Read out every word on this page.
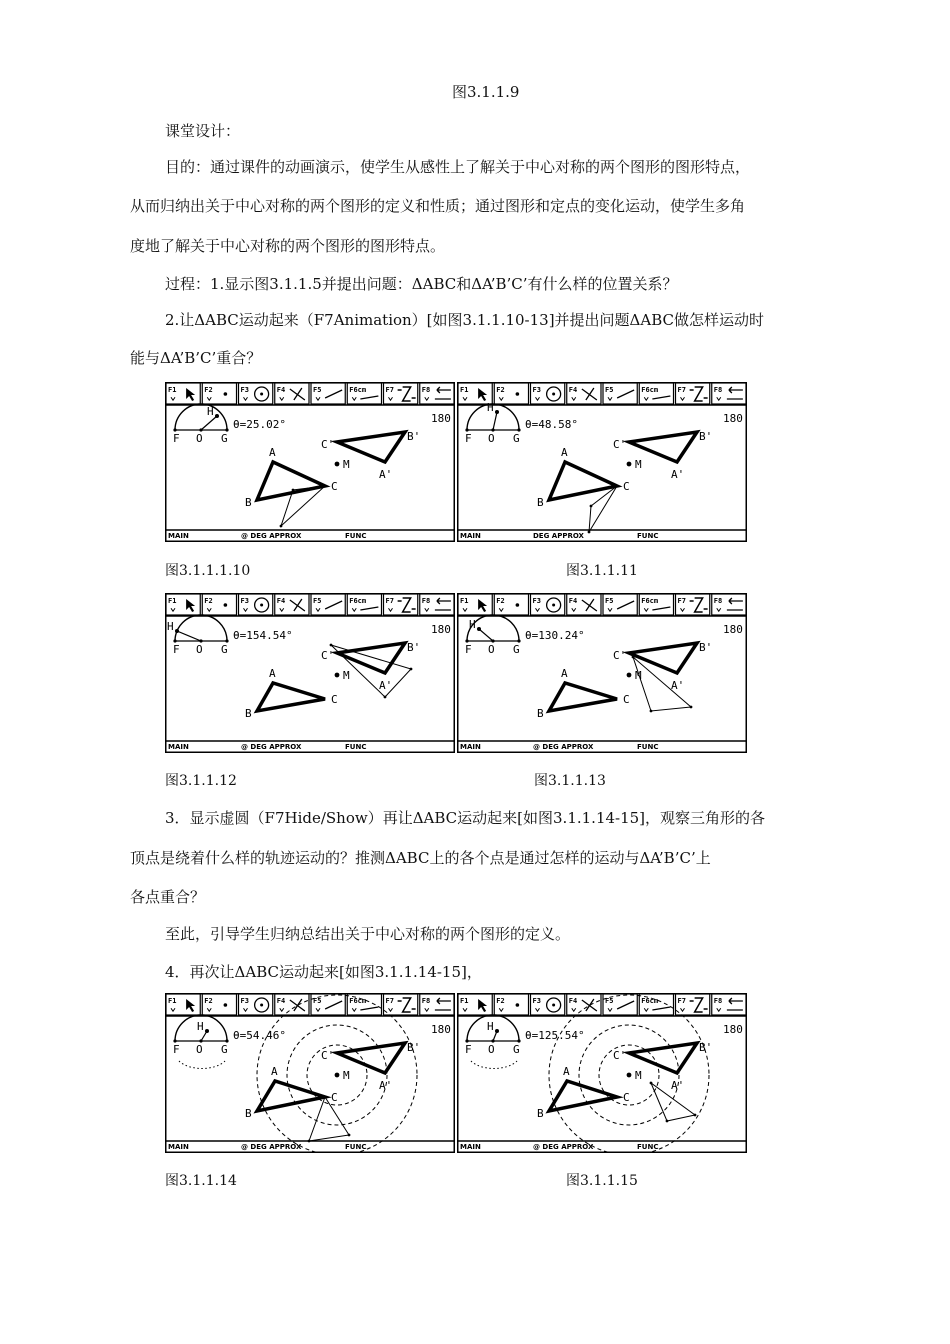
图3.1.1.9
课堂设计：
目的：通过课件的动画演示，使学生从感性上了解关于中心对称的两个图形的图形特点，
从而归纳出关于中心对称的两个图形的定义和性质；通过图形和定点的变化运动，使学生多角
度地了解关于中心对称的两个图形的图形特点。
过程：1.显示图3.1.1.5并提出问题：ΔABC和ΔA’B’C’有什么样的位置关系？
2.让ΔABC运动起来（F7Animation）[如图3.1.1.10-13]并提出问题ΔABC做怎样运动时
能与ΔA’B’C’重合？
F1	F2	F3	F4	F5	F6cm	F7	F8
MAIN	@ DEG APPROX	FUNC
F O G
H
θ=25.02°	180
A'
B'
C'
M
A
B
C
F1	F2	F3	F4	F5	F6cm	F7	F8
MAIN	DEG APPROX	FUNC
F O G
H
θ=48.58°	180
A'
B'
C'
M
A
B
C
图3.1.1.1.10	图3.1.1.11
F1	F2	F3	F4	F5	F6cm	F7	F8
MAIN	@ DEG APPROX	FUNC
F O G
H
θ=154.54°	180
A'
B'
C'
M
A
B
C
F1	F2	F3	F4	F5	F6cm	F7	F8
MAIN	@ DEG APPROX	FUNC
F O G
H
θ=130.24°	180
A'
B'
C'
M
A
B
C
图3.1.1.12	图3.1.1.13
3．显示虚圆（F7Hide/Show）再让ΔABC运动起来[如图3.1.1.14-15]，观察三角形的各
顶点是绕着什么样的轨迹运动的？推测ΔABC上的各个点是通过怎样的运动与ΔA’B’C’上
各点重合？
至此，引导学生归纳总结出关于中心对称的两个图形的定义。
4．再次让ΔABC运动起来[如图3.1.1.14-15]，
F1	F2	F3	F4	F5	F6cm	F7	F8
MAIN	@ DEG APPROX	FUNC
F O G
H
θ=54.46°	180
A'
B'
C'
M
A
B
C
F1	F2	F3	F4	F5	F6cm	F7	F8
MAIN	@ DEG APPROX	FUNC
F O G
H
θ=125.54°	180
A'
B'
C'
M
A
B
C
图3.1.1.14	图3.1.1.15
